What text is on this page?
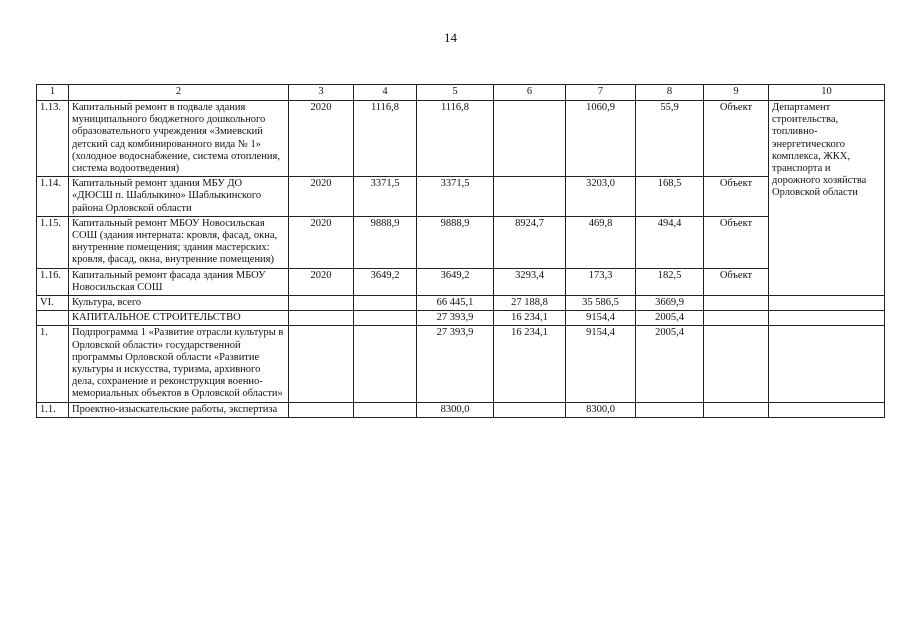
14
1	2	3	4	5	6	7	8	9	10
1.13.	Капитальный ремонт в подвале здания муниципального бюджетного дошкольного образовательного учреждения «Змиевский детский сад комбинированного вида № 1» (холодное водоснабжение, система отопления, система водоотведения)	2020	1116,8	1116,8		1060,9	55,9	Объект	Департамент строительства, топливно-энергетического комплекса, ЖКХ, транспорта и дорожного хозяйства Орловской области
1.14.	Капитальный ремонт здания МБУ ДО «ДЮСШ п. Шаблыкино» Шаблыкинского района Орловской области	2020	3371,5	3371,5		3203,0	168,5	Объект	
1.15.	Капитальный ремонт МБОУ Новосильская СОШ (здания интерната: кровля, фасад, окна, внутренние помещения; здания мастерских: кровля, фасад, окна, внутренние помещения)	2020	9888,9	9888,9	8924,7	469,8	494,4	Объект	
1.16.	Капитальный ремонт фасада здания МБОУ Новосильская СОШ	2020	3649,2	3649,2	3293,4	173,3	182,5	Объект	
VI.	Культура, всего			66 445,1	27 188,8	35 586,5	3669,9		
	КАПИТАЛЬНОЕ СТРОИТЕЛЬСТВО			27 393,9	16 234,1	9154,4	2005,4		
1.	Подпрограмма 1 «Развитие отрасли культуры в Орловской области» государственной программы Орловской области «Развитие культуры и искусства, туризма, архивного дела, сохранение и реконструкция военно-мемориальных объектов в Орловской области»			27 393,9	16 234,1	9154,4	2005,4		
1.1.	Проектно-изыскательские работы, экспертиза			8300,0		8300,0			
